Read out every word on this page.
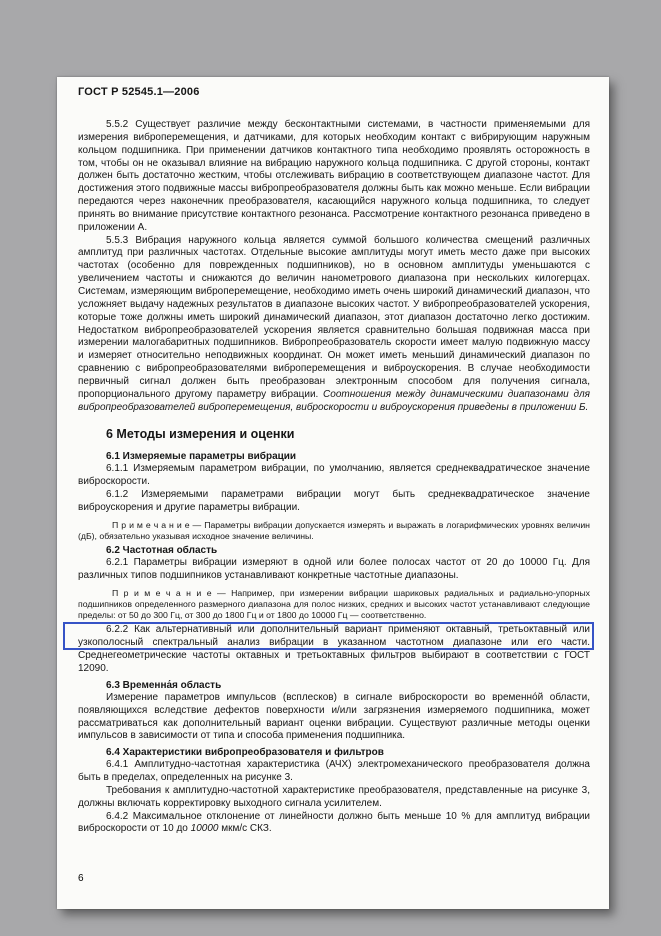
ГОСТ Р 52545.1—2006

5.5.2 Существует различие между бесконтактными системами, в частности применяемыми для измерения виброперемещения, и датчиками, для которых необходим контакт с вибрирующим наружным кольцом подшипника. При применении датчиков контактного типа необходимо проявлять осторожность в том, чтобы он не оказывал влияние на вибрацию наружного кольца подшипника. С другой стороны, контакт должен быть достаточно жестким, чтобы отслеживать вибрацию в соответствующем диапазоне частот. Для достижения этого подвижные массы вибропреобразователя должны быть как можно меньше. Если вибрации передаются через наконечник преобразователя, касающийся наружного кольца подшипника, то следует принять во внимание присутствие контактного резонанса. Рассмотрение контактного резонанса приведено в приложении А.

5.5.3 Вибрация наружного кольца является суммой большого количества смещений различных амплитуд при различных частотах. Отдельные высокие амплитуды могут иметь место даже при высоких частотах (особенно для поврежденных подшипников), но в основном амплитуды уменьшаются с увеличением частоты и снижаются до величин нанометрового диапазона при нескольких килогерцах. Системам, измеряющим виброперемещение, необходимо иметь очень широкий динамический диапазон, что усложняет выдачу надежных результатов в диапазоне высоких частот. У вибропреобразователей ускорения, которые тоже должны иметь широкий динамический диапазон, этот диапазон достаточно легко достижим. Недостатком вибропреобразователей ускорения является сравнительно большая подвижная масса при измерении малогабаритных подшипников. Вибропреобразователь скорости имеет малую подвижную массу и измеряет относительно неподвижных координат. Он может иметь меньший динамический диапазон по сравнению с вибропреобразователями виброперемещения и виброускорения. В случае необходимости первичный сигнал должен быть преобразован электронным способом для получения сигнала, пропорционального другому параметру вибрации. Соотношения между динамическими диапазонами для вибропреобразователей виброперемещения, виброскорости и виброускорения приведены в приложении Б.

6 Методы измерения и оценки
6.1 Измеряемые параметры вибрации

6.1.1 Измеряемым параметром вибрации, по умолчанию, является среднеквадратическое значение виброскорости.

6.1.2 Измеряемыми параметрами вибрации могут быть среднеквадратическое значение виброускорения и другие параметры вибрации.

П р и м е ч а н и е — Параметры вибрации допускается измерять и выражать в логарифмических уровнях величин (дБ), обязательно указывая исходное значение величины.

6.2 Частотная область

6.2.1 Параметры вибрации измеряют в одной или более полосах частот от 20 до 10000 Гц. Для различных типов подшипников устанавливают конкретные частотные диапазоны.

П р и м е ч а н и е — Например, при измерении вибрации шариковых радиальных и радиально-упорных подшипников определенного размерного диапазона для полос низких, средних и высоких частот устанавливают следующие пределы: от 50 до 300 Гц, от 300 до 1800 Гц и от 1800 до 10000 Гц — соответственно.

6.2.2 Как альтернативный или дополнительный вариант применяют октавный, третьоктавный или узкополосный спектральный анализ вибрации в указанном частотном диапазоне или его части. Среднегеометрические частоты октавных и третьоктавных фильтров выбирают в соответствии с ГОСТ 12090.

6.3 Временна́я область

Измерение параметров импульсов (всплесков) в сигнале виброскорости во временно́й области, появляющихся вследствие дефектов поверхности и/или загрязнения измеряемого подшипника, может рассматриваться как дополнительный вариант оценки вибрации. Существуют различные методы оценки импульсов в зависимости от типа и способа применения подшипника.

6.4 Характеристики вибропреобразователя и фильтров

6.4.1 Амплитудно-частотная характеристика (АЧХ) электромеханического преобразователя должна быть в пределах, определенных на рисунке 3.

Требования к амплитудно-частотной характеристике преобразователя, представленные на рисунке 3, должны включать корректировку выходного сигнала усилителем.

6.4.2 Максимальное отклонение от линейности должно быть меньше 10 % для амплитуд вибрации виброскорости от 10 до 10000 мкм/с СКЗ.

6
